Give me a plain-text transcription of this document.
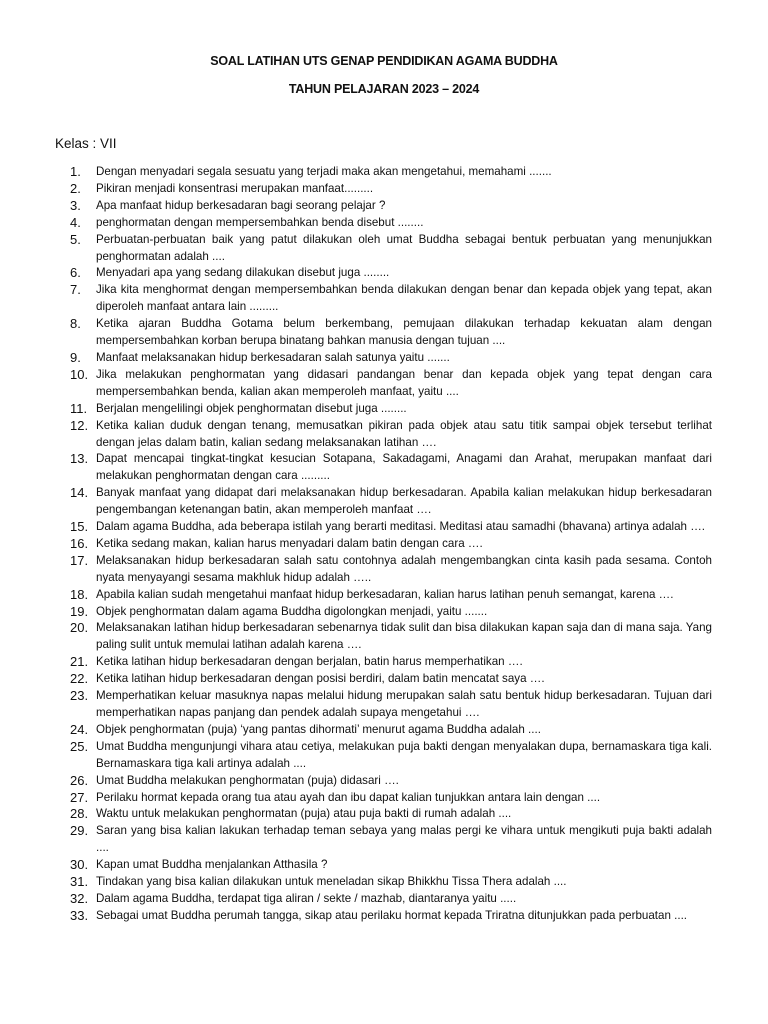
SOAL LATIHAN UTS GENAP PENDIDIKAN AGAMA BUDDHA
TAHUN PELAJARAN 2023 – 2024
Kelas : VII
1.	Dengan menyadari segala sesuatu yang terjadi maka akan mengetahui, memahami .......
2.	Pikiran menjadi konsentrasi merupakan manfaat.........
3.	Apa manfaat hidup berkesadaran bagi seorang pelajar ?
4.	penghormatan dengan mempersembahkan benda disebut ........
5.	Perbuatan-perbuatan baik yang patut dilakukan oleh umat Buddha sebagai bentuk perbuatan yang menunjukkan penghormatan adalah ....
6.	Menyadari apa yang sedang dilakukan disebut juga ........
7.	Jika kita menghormat dengan mempersembahkan benda dilakukan dengan benar dan kepada objek yang tepat, akan diperoleh manfaat antara lain .........
8.	Ketika ajaran Buddha Gotama belum berkembang, pemujaan dilakukan terhadap kekuatan alam dengan mempersembahkan korban berupa binatang bahkan manusia dengan tujuan ....
9.	Manfaat melaksanakan hidup berkesadaran salah satunya yaitu .......
10. Jika melakukan penghormatan yang didasari pandangan benar dan kepada objek yang tepat dengan cara mempersembahkan benda, kalian akan memperoleh manfaat, yaitu ....
11. Berjalan mengelilingi objek penghormatan disebut juga ........
12. Ketika kalian duduk dengan tenang, memusatkan pikiran pada objek atau satu titik sampai objek tersebut terlihat dengan jelas dalam batin, kalian sedang melaksanakan latihan ….
13. Dapat mencapai tingkat-tingkat kesucian Sotapana, Sakadagami, Anagami dan Arahat, merupakan manfaat dari melakukan penghormatan dengan cara .........
14. Banyak manfaat yang didapat dari melaksanakan hidup berkesadaran. Apabila kalian melakukan hidup berkesadaran pengembangan ketenangan batin, akan memperoleh manfaat ….
15. Dalam agama Buddha, ada beberapa istilah yang berarti meditasi. Meditasi atau samadhi (bhavana) artinya adalah ….
16. Ketika sedang makan, kalian harus menyadari dalam batin dengan cara ….
17. Melaksanakan hidup berkesadaran salah satu contohnya adalah mengembangkan cinta kasih pada sesama. Contoh nyata menyayangi sesama makhluk hidup adalah …..
18. Apabila kalian sudah mengetahui manfaat hidup berkesadaran, kalian harus latihan penuh semangat, karena ….
19. Objek penghormatan dalam agama Buddha digolongkan menjadi, yaitu .......
20. Melaksanakan latihan hidup berkesadaran sebenarnya tidak sulit dan bisa dilakukan kapan saja dan di mana saja. Yang paling sulit untuk memulai latihan adalah karena ….
21. Ketika latihan hidup berkesadaran dengan berjalan, batin harus memperhatikan ….
22. Ketika latihan hidup berkesadaran dengan posisi berdiri, dalam batin mencatat saya ….
23. Memperhatikan keluar masuknya napas melalui hidung merupakan salah satu bentuk hidup berkesadaran. Tujuan dari memperhatikan napas panjang dan pendek adalah supaya mengetahui ….
24. Objek penghormatan (puja) ‘yang pantas dihormati’ menurut agama Buddha adalah ....
25. Umat Buddha mengunjungi vihara atau cetiya, melakukan puja bakti dengan menyalakan dupa, bernamaskara tiga kali. Bernamaskara tiga kali artinya adalah ....
26. Umat Buddha melakukan penghormatan (puja) didasari ….
27. Perilaku hormat kepada orang tua atau ayah dan ibu dapat kalian tunjukkan antara lain dengan ....
28. Waktu untuk melakukan penghormatan (puja) atau puja bakti di rumah adalah ....
29. Saran yang bisa kalian lakukan terhadap teman sebaya yang malas pergi ke vihara untuk mengikuti puja bakti adalah ....
30. Kapan umat Buddha menjalankan Atthasila ?
31. Tindakan yang bisa kalian dilakukan untuk meneladan sikap Bhikkhu Tissa Thera adalah ....
32. Dalam agama Buddha, terdapat tiga aliran / sekte / mazhab, diantaranya yaitu .....
33. Sebagai umat Buddha perumah tangga, sikap atau perilaku hormat kepada Triratna ditunjukkan pada perbuatan ....
